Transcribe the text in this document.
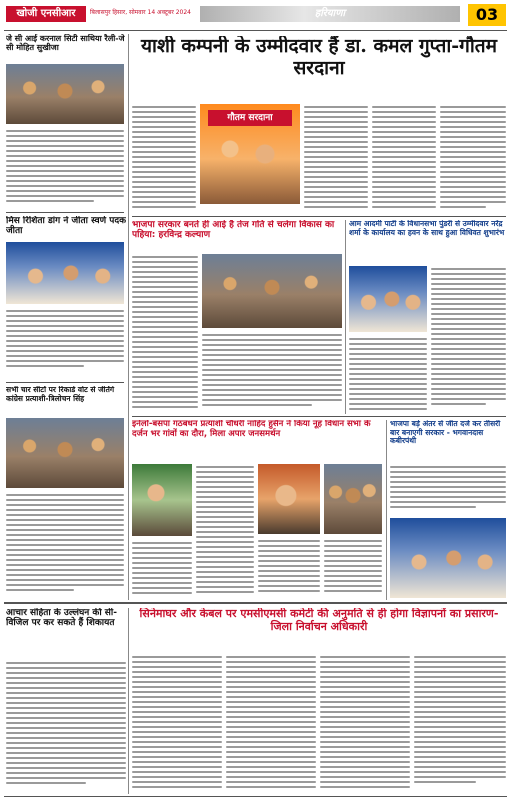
खोजी एनसीआर	बिलासपुर हिसार, सोमवार 14 अक्टूबर 2024	हरियाणा	03
जे सी आई करनाल सिटी साथिया रैली-जे सी मोहित सुखीजा
मिस रिशिता डांग ने जीता स्वर्ण पदक जीता
सभी चार सीटों पर रिकार्ड वोट से जीतेंगे कांग्रेस प्रत्याशी-त्रिलोचन सिंह
याशी कम्पनी के उम्मीदवार हैं डा. कमल गुप्ता-गौतम सरदाना
गौतम सरदाना
भाजपा सरकार बनते ही आई है तेज गति से चलेगा विकास का पहिया: हरविन्द्र कल्याण
आम आदमी पार्टी के विधानसभा पुंडरी से उम्मीदवार नरेंद्र शर्मा के कार्यालय का हवन के साथ हुआ विधिवत शुभारंभ
इनेलो-बसपा गठबंधन प्रत्याशी चौधरी नाहिद हुसैन ने किया नूंह विधान सभा के दर्जन भर गांवों का दौरा, मिला अपार जनसमर्थन
भाजपा बड़े अंतर से जीत दर्ज कर तीसरी बार बनाएगी सरकार - भगवानदास कबीरपंथी
आचार संहिता के उल्लंघन की सी-विजिल पर कर सकते हैं शिकायत
सिनेमाघर और केबल पर एमसीएमसी कमेटी की अनुमति से ही होगा विज्ञापनों का प्रसारण-जिला निर्वाचन अधिकारी
